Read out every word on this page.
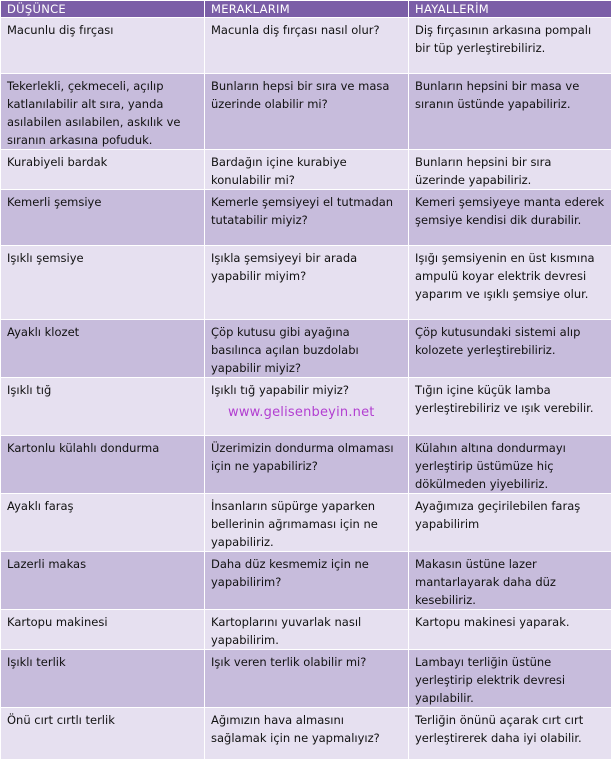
DÜŞÜNCE	MERAKLARIM	HAYALLERİM
Macunlu diş fırçası	Macunla diş fırçası nasıl olur?	Diş fırçasının arkasına pompalı bir tüp yerleştirebiliriz.
Tekerlekli, çekmeceli, açılıp katlanılabilir alt sıra, yanda asılabilen asılabilen, askılık ve sıranın arkasına pofuduk.	Bunların hepsi bir sıra ve masa üzerinde olabilir mi?	Bunların hepsini bir masa ve sıranın üstünde yapabiliriz.
Kurabiyeli bardak	Bardağın içine kurabiye konulabilir mi?	Bunların hepsini bir sıra üzerinde yapabiliriz.
Kemerli şemsiye	Kemerle şemsiyeyi el tutmadan tutatabilir miyiz?	Kemeri şemsiyeye manta ederek şemsiye kendisi dik durabilir.
Işıklı şemsiye	Işıkla şemsiyeyi bir arada yapabilir miyim?	Işığı şemsiyenin en üst kısmına ampulü koyar elektrik devresi yaparım ve ışıklı şemsiye olur.
Ayaklı klozet	Çöp kutusu gibi ayağına basılınca açılan buzdolabı yapabilir miyiz?	Çöp kutusundaki sistemi alıp kolozete yerleştirebiliriz.
Işıklı tığ	Işıklı tığ yapabilir miyiz?	Tığın içine küçük lamba yerleştirebiliriz ve ışık verebilir.
Kartonlu külahlı dondurma	Üzerimizin dondurma olmaması için ne yapabiliriz?	Külahın altına dondurmayı yerleştirip üstümüze hiç dökülmeden yiyebiliriz.
Ayaklı faraş	İnsanların süpürge yaparken bellerinin ağrımaması için ne yapabiliriz.	Ayağımıza geçirilebilen faraş yapabilirim
Lazerli makas	Daha düz kesmemiz için ne yapabilirim?	Makasın üstüne lazer mantarlayarak daha düz kesebiliriz.
Kartopu makinesi	Kartoplarını yuvarlak nasıl yapabilirim.	Kartopu makinesi yaparak.
Işıklı terlik	Işık veren terlik olabilir mi?	Lambayı terliğin üstüne yerleştirip elektrik devresi yapılabilir.
Önü cırt cırtlı terlik	Ağımızın hava almasını sağlamak için ne yapmalıyız?	Terliğin önünü açarak cırt cırt yerleştirerek daha iyi olabilir.
www.gelisenbeyin.net
